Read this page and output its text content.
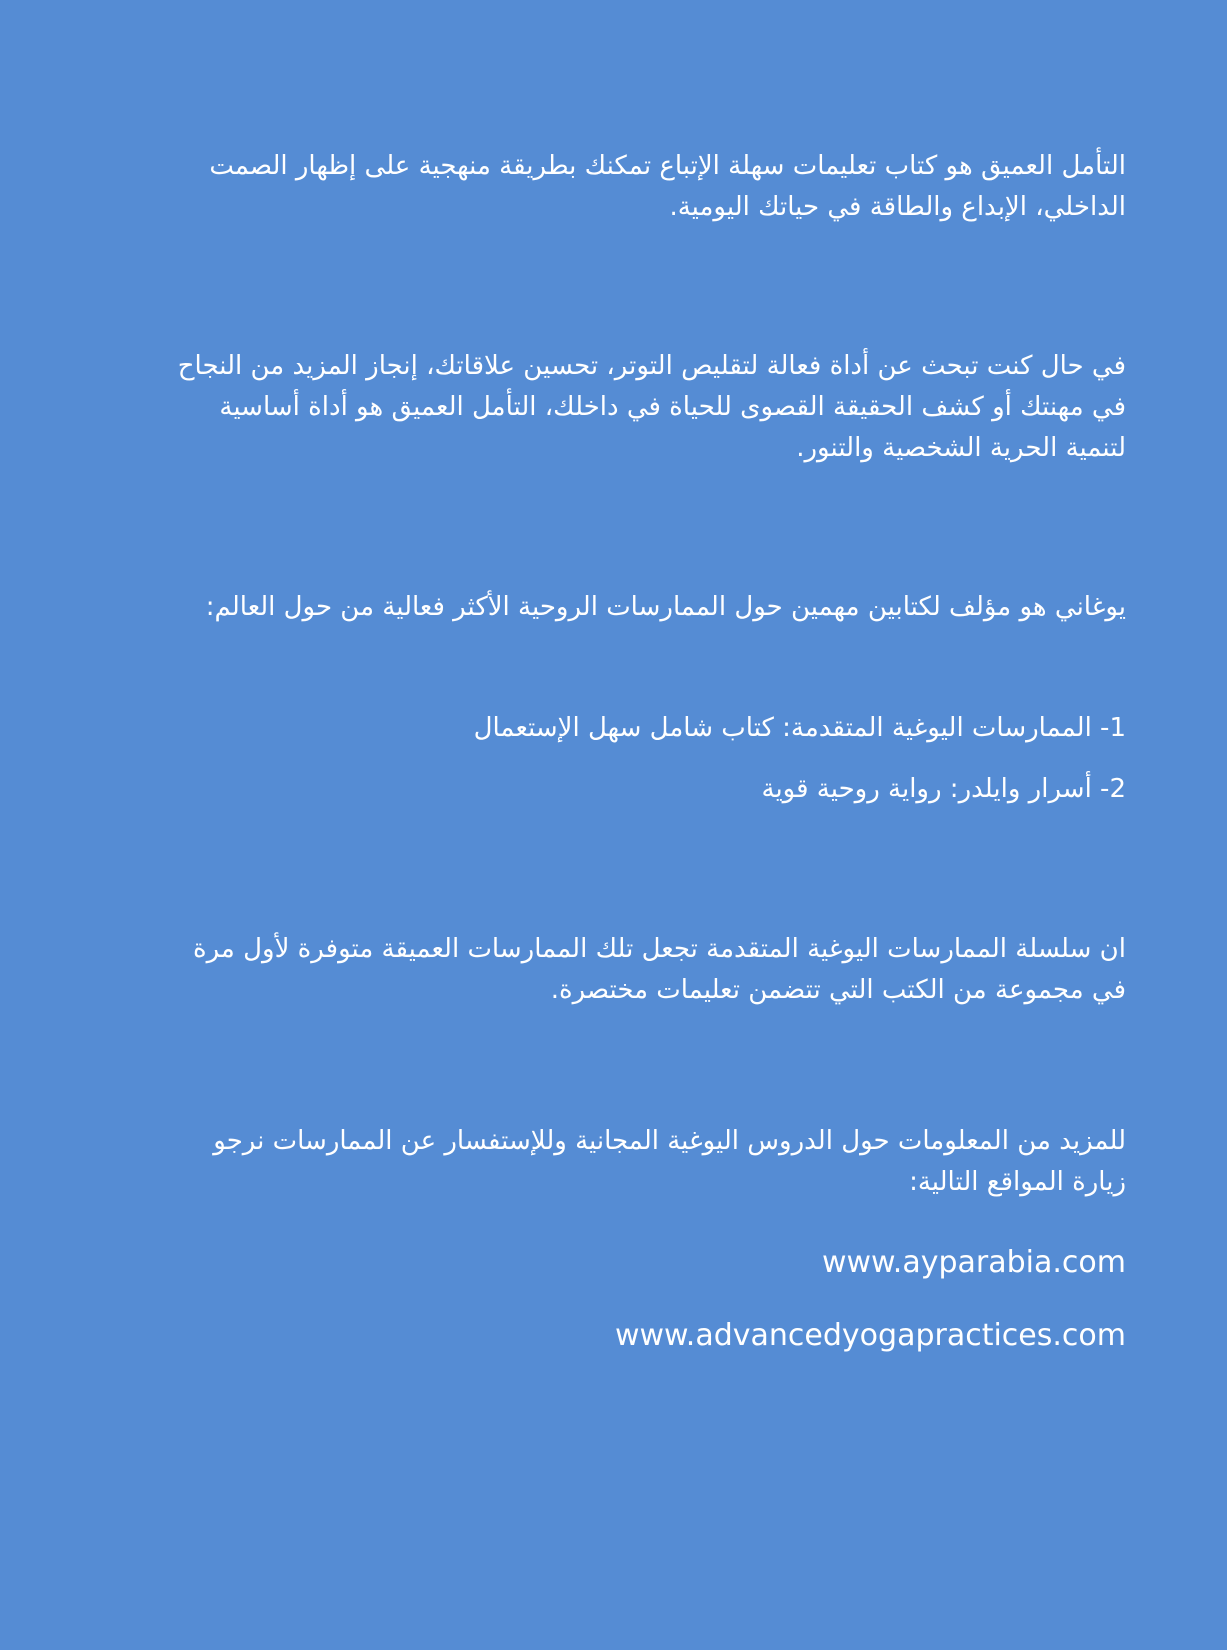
التأمل العميق هو كتاب تعليمات سهلة الإتباع تمكنك بطريقة منهجية على إظهار الصمت الداخلي، الإبداع والطاقة في حياتك اليومية.

في حال كنت تبحث عن أداة فعالة لتقليص التوتر، تحسين علاقاتك، إنجاز المزيد من النجاح في مهنتك أو كشف الحقيقة القصوى للحياة في داخلك، التأمل العميق هو أداة أساسية لتنمية الحرية الشخصية والتنور.

يوغاني هو مؤلف لكتابين مهمين حول الممارسات الروحية الأكثر فعالية من حول العالم:

1- الممارسات اليوغية المتقدمة: كتاب شامل سهل الإستعمال

2- أسرار وايلدر: رواية روحية قوية

ان سلسلة الممارسات اليوغية المتقدمة تجعل تلك الممارسات العميقة متوفرة لأول مرة في مجموعة من الكتب التي تتضمن تعليمات مختصرة.

للمزيد من المعلومات حول الدروس اليوغية المجانية وللإستفسار عن الممارسات نرجو زيارة المواقع التالية:

www.ayparabia.com
www.advancedyogapractices.com
